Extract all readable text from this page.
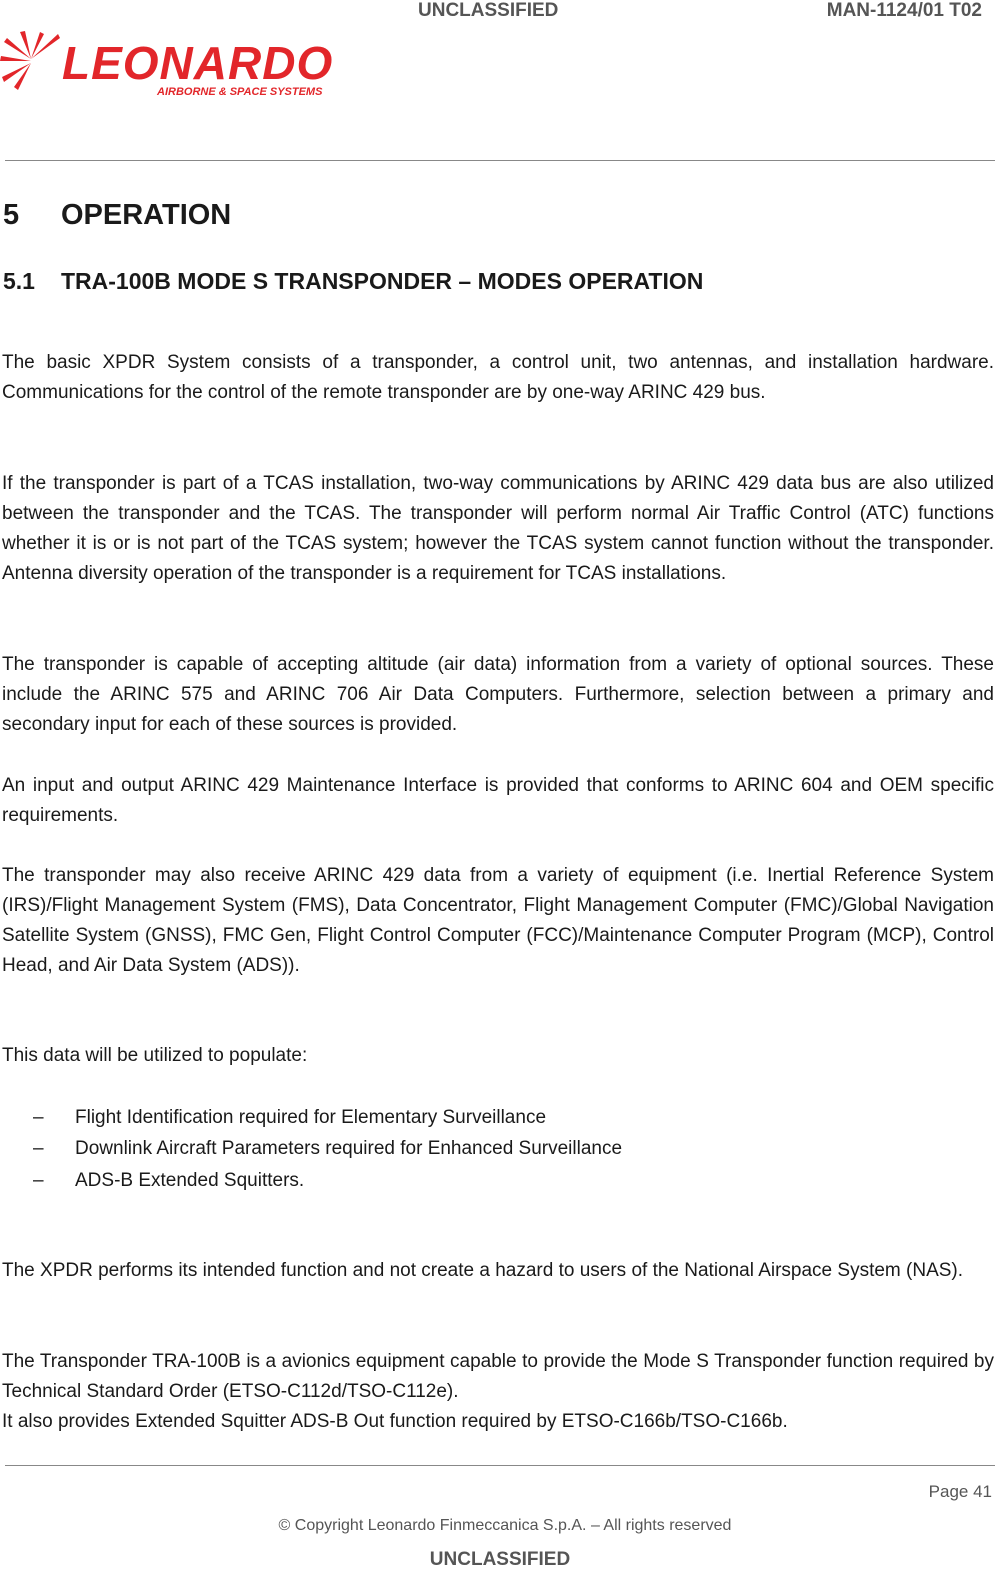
UNCLASSIFIED	MAN-1124/01 T02
LEONARDO
AIRBORNE & SPACE SYSTEMS
5 OPERATION
5.1 TRA-100B MODE S TRANSPONDER – MODES OPERATION
The basic XPDR System consists of a transponder, a control unit, two antennas, and installation hardware. Communications for the control of the remote transponder are by one-way ARINC 429 bus.
If the transponder is part of a TCAS installation, two-way communications by ARINC 429 data bus are also utilized between the transponder and the TCAS. The transponder will perform normal Air Traffic Control (ATC) functions whether it is or is not part of the TCAS system; however the TCAS system cannot function without the transponder. Antenna diversity operation of the transponder is a requirement for TCAS installations.
The transponder is capable of accepting altitude (air data) information from a variety of optional sources. These include the ARINC 575 and ARINC 706 Air Data Computers. Furthermore, selection between a primary and secondary input for each of these sources is provided.
An input and output ARINC 429 Maintenance Interface is provided that conforms to ARINC 604 and OEM specific requirements.
The transponder may also receive ARINC 429 data from a variety of equipment (i.e. Inertial Reference System (IRS)/Flight Management System (FMS), Data Concentrator, Flight Management Computer (FMC)/Global Navigation Satellite System (GNSS), FMC Gen, Flight Control Computer (FCC)/Maintenance Computer Program (MCP), Control Head, and Air Data System (ADS)).
This data will be utilized to populate:
– Flight Identification required for Elementary Surveillance
– Downlink Aircraft Parameters required for Enhanced Surveillance
– ADS-B Extended Squitters.
The XPDR performs its intended function and not create a hazard to users of the National Airspace System (NAS).
The Transponder TRA-100B is a avionics equipment capable to provide the Mode S Transponder function required by Technical Standard Order (ETSO-C112d/TSO-C112e).
It also provides Extended Squitter ADS-B Out function required by ETSO-C166b/TSO-C166b.
Page 41
© Copyright Leonardo Finmeccanica S.p.A. – All rights reserved
UNCLASSIFIED
